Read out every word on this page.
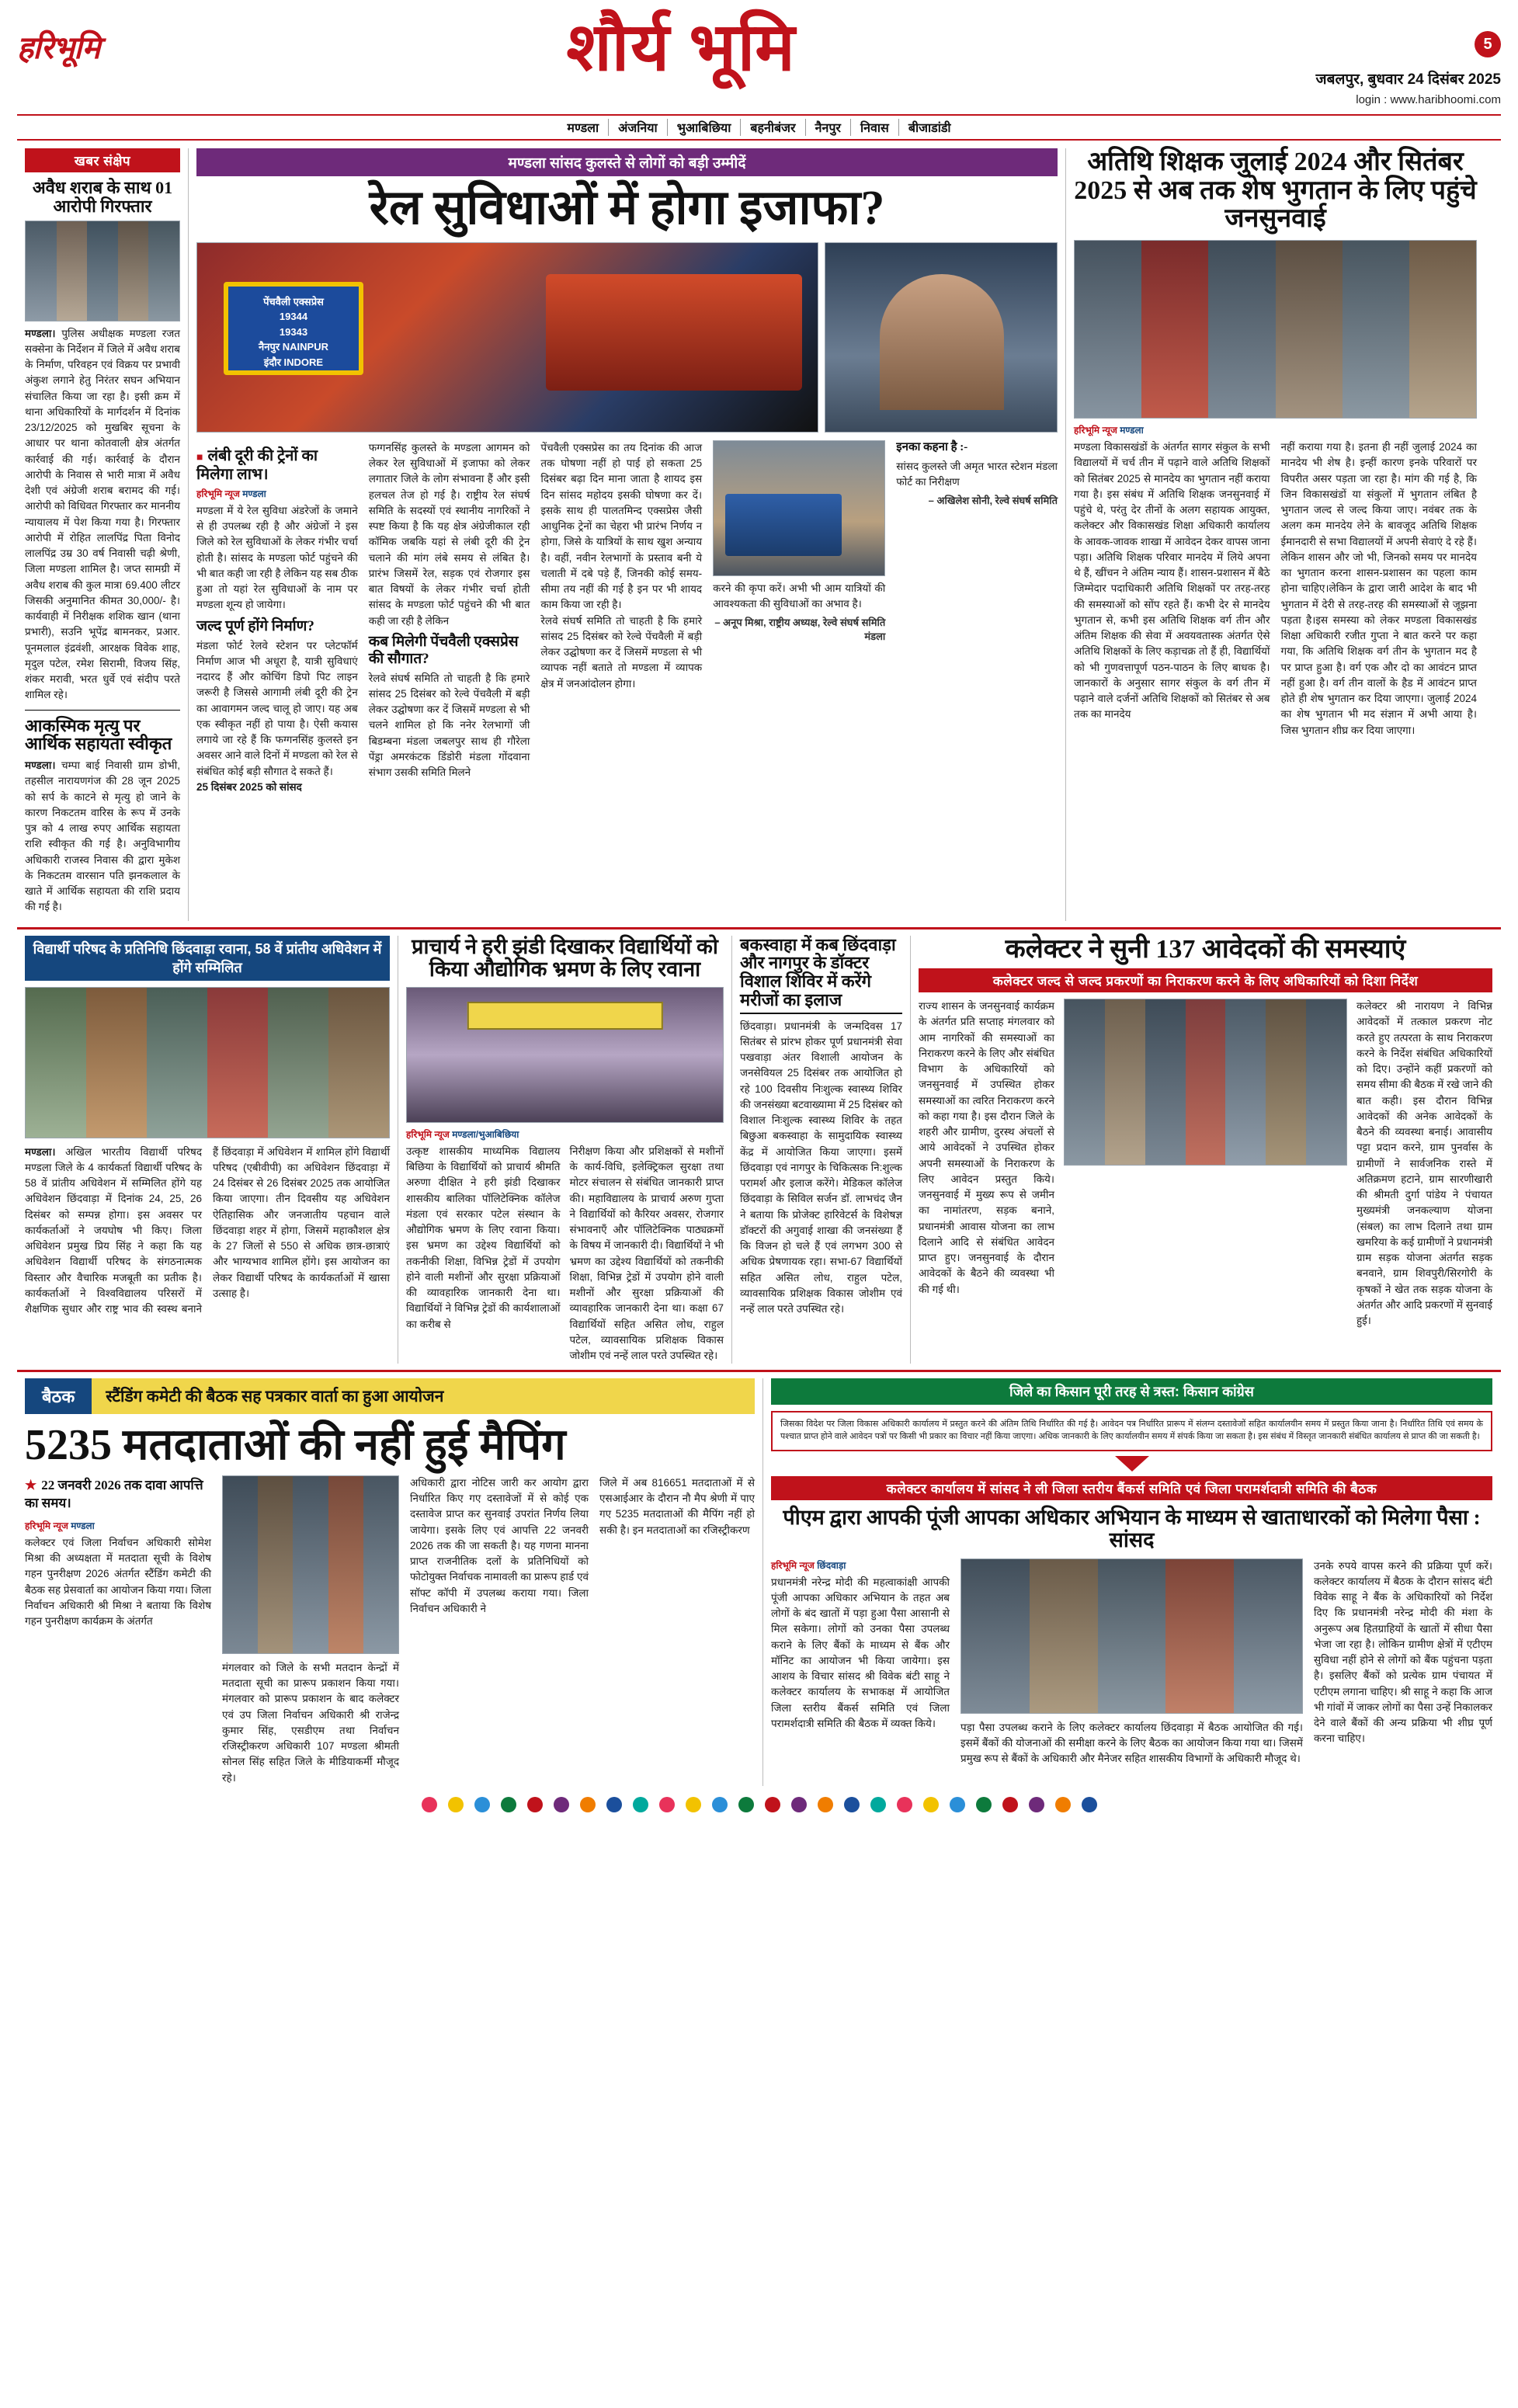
हरिभूमि	शौर्य भूमि	5
जबलपुर, बुधवार 24 दिसंबर 2025
login : www.haribhoomi.com
मण्डला	अंजनिया	भुआबिछिया	बहनीबंजर	नैनपुर	निवास	बीजाडांडी
खबर संक्षेप
अवैध शराब के साथ 01 आरोपी गिरफ्तार

मण्डला। पुलिस अधीक्षक मण्डला रजत सक्सेना के निर्देशन में जिले में अवैध शराब के निर्माण, परिवहन एवं विक्रय पर प्रभावी अंकुश लगाने हेतु निरंतर सघन अभियान संचालित किया जा रहा है। इसी क्रम में थाना अधिकारियों के मार्गदर्शन में दिनांक 23/12/2025 को मुखबिर सूचना के आधार पर थाना कोतवाली क्षेत्र अंतर्गत कार्रवाई की गई। कार्रवाई के दौरान आरोपी के निवास से भारी मात्रा में अवैध देशी एवं अंग्रेजी शराब बरामद की गई। आरोपी को विधिवत गिरफ्तार कर माननीय न्यायालय में पेश किया गया है। गिरफ्तार आरोपी में रोहित लालपिंद्र पिता विनोद लालपिंद्र उम्र 30 वर्ष निवासी चढ़ी श्रेणी, जिला मण्डला शामिल है। जप्त सामग्री में अवैध शराब की कुल मात्रा 69.400 लीटर जिसकी अनुमानित कीमत 30,000/- है। कार्यवाही में निरीक्षक शशिक खान (थाना प्रभारी), सउनि भूपेंद्र बामनकर, प्रआर. पूनमलाल इंद्रवंशी, आरक्षक विवेक शाह, मृदुल पटेल, रमेश सिरामी, विजय सिंह, शंकर मरावी, भरत धुर्वे एवं संदीप परते शामिल रहे।

आकस्मिक मृत्यु पर आर्थिक सहायता स्वीकृत

मण्डला। चम्पा बाई निवासी ग्राम डोभी, तहसील नारायणगंज की 28 जून 2025 को सर्प के काटने से मृत्यु हो जाने के कारण निकटतम वारिस के रूप में उनके पुत्र को 4 लाख रुपए आर्थिक सहायता राशि स्वीकृत की गई है। अनुविभागीय अधिकारी राजस्व निवास की द्वारा मुकेश के निकटतम वारसान पति झनकलाल के खाते में आर्थिक सहायता की राशि प्रदाय की गई है।

मण्डला सांसद कुलस्ते से लोगों को बड़ी उम्मीदें
रेल सुविधाओं में होगा इजाफा?
पेंचवैली एक्सप्रेस
19344
19343
नैनपुर NAINPUR
इंदौर INDORE
■ लंबी दूरी की ट्रेनों का मिलेगा लाभ।
हरिभूमि न्यूज मण्डला
मण्डला में ये रेल सुविधा अंडरेजों के जमाने से ही उपलब्ध रही है और अंग्रेजों ने इस जिले को रेल सुविधाओं के लेकर गंभीर चर्चा होती है। सांसद के मण्डला फोर्ट पहुंचने की भी बात कही जा रही है लेकिन यह सब ठीक हुआ तो यहां रेल सुविधाओं के नाम पर मण्डला शून्य हो जायेगा।
जल्द पूर्ण होंगे निर्माण?
मंडला फोर्ट रेलवे स्टेशन पर प्लेटफॉर्म निर्माण आज भी अधूरा है, यात्री सुविधाएं नदारद हैं और कोचिंग डिपो पिट लाइन जरूरी है जिससे आगामी लंबी दूरी की ट्रेन का आवागमन जल्द चालू हो जाए। यह अब एक स्वीकृत नहीं हो पाया है। ऐसी कयास लगाये जा रहे हैं कि फग्गनसिंह कुलस्ते इन अवसर आने वाले दिनों में मण्डला को रेल से संबंधित कोई बड़ी सौगात दे सकते हैं।
25 दिसंबर 2025 को सांसद
फग्गनसिंह कुलस्ते के मण्डला आगमन को लेकर रेल सुविधाओं में इजाफा को लेकर लगातार जिले के लोग संभावना हैं और इसी हलचल तेज हो गई है। राष्ट्रीय रेल संघर्ष समिति के सदस्यों एवं स्थानीय नागरिकों ने स्पष्ट किया है कि यह क्षेत्र अंग्रेजीकाल रही कॉमिक जबकि यहां से लंबी दूरी की ट्रेन चलाने की मांग लंबे समय से लंबित है। प्रारंभ जिसमें रेल, सड़क एवं रोजगार इस बात विषयों के लेकर गंभीर चर्चा होती सांसद के मण्डला फोर्ट पहुंचने की भी बात कही जा रही है लेकिन
कब मिलेगी पेंचवैली एक्सप्रेस की सौगात?
रेलवे संघर्ष समिति तो चाहती है कि हमारे सांसद 25 दिसंबर को रेल्वे पेंचवैली में बड़ी लेकर उद्घोषणा कर दें जिसमें मण्डला से भी चलने शामिल हो कि ननेर रेलभागों जी बिडम्बना मंडला जबलपुर साथ ही गौरेला पेंड्रा अमरकंटक डिंडोरी मंडला गोंदवाना संभाग उसकी समिति मिलने
पेंचवैली एक्सप्रेस का तय दिनांक की आज तक घोषणा नहीं हो पाई हो सकता 25 दिसंबर बढ़ा दिन माना जाता है शायद इस दिन सांसद महोदय इसकी घोषणा कर दें। इसके साथ ही पालतमिन्द एक्सप्रेस जैसी आधुनिक ट्रेनों का चेहरा भी प्रारंभ निर्णय न होगा, जिसे के यात्रियों के साथ खुश अन्याय है। वहीं, नवीन रेलभागों के प्रस्ताव बनी ये चलाती में दबे पड़े हैं, जिनकी कोई समय-सीमा तय नहीं की गई है इन पर भी शायद काम किया जा रही है।
रेलवे संघर्ष समिति तो चाहती है कि हमारे सांसद 25 दिसंबर को रेल्वे पेंचवैली में बड़ी लेकर उद्घोषणा कर दें जिसमें मण्डला से भी व्यापक नहीं बताते तो मण्डला में व्यापक क्षेत्र में जनआंदोलन होगा।
करने की कृपा करें। अभी भी आम यात्रियों की आवश्यकता की सुविधाओं का अभाव है।
– अनूप मिश्रा, राष्ट्रीय अध्यक्ष, रेल्वे संघर्ष समिति मंडला
इनका कहना है :-
सांसद कुलस्ते जी अमृत भारत स्टेशन मंडला फोर्ट का निरीक्षण
– अखिलेश सोनी, रेल्वे संघर्ष समिति
अतिथि शिक्षक जुलाई 2024 और सितंबर 2025 से अब तक शेष भुगतान के लिए पहुंचे जनसुनवाई
हरिभूमि न्यूज मण्डला
मण्डला विकासखंडों के अंतर्गत सागर संकुल के सभी विद्यालयों में चर्च तीन में पढ़ाने वाले अतिथि शिक्षकों को सितंबर 2025 से मानदेय का भुगतान नहीं कराया गया है। इस संबंध में अतिथि शिक्षक जनसुनवाई में पहुंचे थे, परंतु देर तीनों के अलग सहायक आयुक्त, कलेक्टर और विकासखंड शिक्षा अधिकारी कार्यालय के आवक-जावक शाखा में आवेदन देकर वापस जाना पड़ा। अतिथि शिक्षक परिवार मानदेय में लिये अपना थे हैं, खींचन ने अंतिम न्याय हैं। शासन-प्रशासन में बैठे जिम्मेदार पदाधिकारी अतिथि शिक्षकों पर तरह-तरह की समस्याओं को सोंप रहते हैं। कभी देर से मानदेय भुगतान से, कभी इस अतिथि शिक्षक वर्ग तीन और अंतिम शिक्षक की सेवा में अवयवतास्क अंतर्गत ऐसे अतिथि शिक्षकों के लिए कड़ाचक्र तो हैं ही, विद्यार्थियों को भी गुणवत्तापूर्ण पठन-पाठन के लिए बाधक है। जानकारों के अनुसार सागर संकुल के वर्ग तीन में पढ़ाने वाले दर्जनों अतिथि शिक्षकों को सितंबर से अब तक का मानदेय
नहीं कराया गया है। इतना ही नहीं जुलाई 2024 का मानदेय भी शेष है। इन्हीं कारण इनके परिवारों पर विपरीत असर पड़ता जा रहा है। मांग की गई है, कि जिन विकासखंडों या संकुलों में भुगतान लंबित है भुगतान जल्द से जल्द किया जाए। नवंबर तक के अलग कम मानदेय लेने के बावजूद अतिथि शिक्षक ईमानदारी से सभा विद्यालयों में अपनी सेवाएं दे रहे हैं। लेकिन शासन और जो भी, जिनको समय पर मानदेय का भुगतान करना शासन-प्रशासन का पहला काम होना चाहिए।लेकिन के द्वारा जारी आदेश के बाद भी भुगतान में देरी से तरह-तरह की समस्याओं से जूझना पड़ता है।इस समस्या को लेकर मण्डला विकासखंड शिक्षा अधिकारी रजीत गुप्ता ने बात करने पर कहा गया, कि अतिथि शिक्षक वर्ग तीन के भुगतान मद है पर प्राप्त हुआ है। वर्ग एक और दो का आवंटन प्राप्त नहीं हुआ है। वर्ग तीन वालों के हैड में आवंटन प्राप्त होते ही शेष भुगतान कर दिया जाएगा। जुलाई 2024 का शेष भुगतान भी मद संज्ञान में अभी आया है। जिस भुगतान शीघ्र कर दिया जाएगा।
विद्यार्थी परिषद के प्रतिनिधि छिंदवाड़ा रवाना, 58 वें प्रांतीय अधिवेशन में होंगे सम्मिलित

मण्डला। अखिल भारतीय विद्यार्थी परिषद मण्डला जिले के 4 कार्यकर्ता विद्यार्थी परिषद के 58 वें प्रांतीय अधिवेशन में सम्मिलित होंगे यह अधिवेशन छिंदवाड़ा में दिनांक 24, 25, 26 दिसंबर को सम्पन्न होगा। इस अवसर पर कार्यकर्ताओं ने जयघोष भी किए। जिला अधिवेशन प्रमुख प्रिय सिंह ने कहा कि यह अधिवेशन विद्यार्थी परिषद के संगठनात्मक विस्तार और वैचारिक मजबूती का प्रतीक है। कार्यकर्ताओं ने विश्वविद्यालय परिसरों में शैक्षणिक सुधार और राष्ट्र भाव की स्वस्थ बनाने हैं छिंदवाड़ा में अधिवेशन में शामिल होंगे विद्यार्थी परिषद (एबीवीपी) का अधिवेशन छिंदवाड़ा में 24 दिसंबर से 26 दिसंबर 2025 तक आयोजित किया जाएगा। तीन दिवसीय यह अधिवेशन ऐतिहासिक और जनजातीय पहचान वाले छिंदवाड़ा शहर में होगा, जिसमें महाकौशल क्षेत्र के 27 जिलों से 550 से अधिक छात्र-छात्राएं और भाग्यभाव शामिल होंगे। इस आयोजन का लेकर विद्यार्थी परिषद के कार्यकर्ताओं में खासा उत्साह है।

प्राचार्य ने हरी झंडी दिखाकर विद्यार्थियों को किया औद्योगिक भ्रमण के लिए रवाना
हरिभूमि न्यूज मण्डला/भुआबिछिया
उत्कृष्ट शासकीय माध्यमिक विद्यालय बिछिया के विद्यार्थियों को प्राचार्य श्रीमति अरुणा दीक्षित ने हरी झंडी दिखाकर शासकीय बालिका पॉलिटेक्निक कॉलेज मंडला एवं सरकार पटेल संस्थान के औद्योगिक भ्रमण के लिए रवाना किया। इस भ्रमण का उद्देश्य विद्यार्थियों को तकनीकी शिक्षा, विभिन्न ट्रेडों में उपयोग होने वाली मशीनों और सुरक्षा प्रक्रियाओं की व्यावहारिक जानकारी देना था। विद्यार्थियों ने विभिन्न ट्रेडों की कार्यशालाओं का करीब से
निरीक्षण किया और प्रशिक्षकों से मशीनों के कार्य-विधि, इलेक्ट्रिकल सुरक्षा तथा मोटर संचालन से संबंधित जानकारी प्राप्त की। महाविद्यालय के प्राचार्य अरुण गुप्ता ने विद्यार्थियों को कैरियर अवसर, रोजगार संभावनाएँ और पॉलिटेक्निक पाठ्यक्रमों के विषय में जानकारी दी। विद्यार्थियों ने भी भ्रमण का उद्देश्य विद्यार्थियों को तकनीकी शिक्षा, विभिन्न ट्रेडों में उपयोग होने वाली मशीनों और सुरक्षा प्रक्रियाओं की व्यावहारिक जानकारी देना था। कक्षा 67 विद्यार्थियों सहित असित लोध, राहुल पटेल, व्यावसायिक प्रशिक्षक विकास जोशीम एवं नन्हें लाल परते उपस्थित रहे।
बकस्वाहा में कब छिंदवाड़ा और नागपुर के डॉक्टर विशाल शिविर में करेंगे मरीजों का इलाज
छिंदवाड़ा। प्रधानमंत्री के जन्मदिवस 17 सितंबर से प्रांरभ होकर पूर्ण प्रधानमंत्री सेवा पखवाड़ा अंतर विशाली आयोजन के जनसेवियल 25 दिसंबर तक आयोजित हो रहे 100 दिवसीय निःशुल्क स्वास्थ्य शिविर की जनसंख्या बटवाख्यामा में 25 दिसंबर को विशाल निःशुल्क स्वास्थ्य शिविर के तहत बिछुआ बकस्वाहा के सामुदायिक स्वास्थ्य केंद्र में आयोजित किया जाएगा। इसमें छिंदवाड़ा एवं नागपुर के चिकित्सक नि:शुल्क परामर्श और इलाज करेंगे। मेडिकल कॉलेज छिंदवाड़ा के सिविल सर्जन डॉ. लाभचंद जैन ने बताया कि प्रोजेक्ट हारिवेटर्स के विशेषज्ञ डॉक्टरों की अगुवाई शाखा की जनसंख्या हैं कि विजन हो चले हैं एवं लगभग 300 से अधिक प्रेषणायक रहा। सभा-67 विद्यार्थियों सहित असित लोध, राहुल पटेल, व्यावसायिक प्रशिक्षक विकास जोशीम एवं नन्हें लाल परते उपस्थित रहे।
कलेक्टर ने सुनी 137 आवेदकों की समस्याएं
कलेक्टर जल्द से जल्द प्रकरणों का निराकरण करने के लिए अधिकारियों को दिशा निर्देश
राज्य शासन के जनसुनवाई कार्यक्रम के अंतर्गत प्रति सप्ताह मंगलवार को आम नागरिकों की समस्याओं का निराकरण करने के लिए और संबंधित विभाग के अधिकारियों को जनसुनवाई में उपस्थित होकर समस्याओं का त्वरित निराकरण करने को कहा गया है। इस दौरान जिले के शहरी और ग्रामीण, दुरस्थ अंचलों से आये आवेदकों ने उपस्थित होकर अपनी समस्याओं के निराकरण के लिए आवेदन प्रस्तुत किये। जनसुनवाई में मुख्य रूप से जमीन का नामांतरण, सड़क बनाने, प्रधानमंत्री आवास योजना का लाभ दिलाने आदि से संबंधित आवेदन प्राप्त हुए। जनसुनवाई के दौरान आवेदकों के बैठने की व्यवस्था भी की गई थी।
कलेक्टर श्री नारायण ने विभिन्न आवेदकों में तत्काल प्रकरण नोट करते हुए तत्परता के साथ निराकरण करने के निर्देश संबंधित अधिकारियों को दिए। उन्होंने कहीं प्रकरणों को समय सीमा की बैठक में रखे जाने की बात कही। इस दौरान विभिन्न आवेदकों की अनेक आवेदकों के बैठने की व्यवस्था बनाई। आवासीय पट्टा प्रदान करने, ग्राम पुनर्वास के ग्रामीणों ने सार्वजनिक रास्ते में अतिक्रमण हटाने, ग्राम सारणीखारी की श्रीमती दुर्गा पांडेय ने पंचायत मुख्यमंत्री जनकल्याण योजना (संबल) का लाभ दिलाने तथा ग्राम खमरिया के कई ग्रामीणों ने प्रधानमंत्री ग्राम सड़क योजना अंतर्गत सड़क बनवाने, ग्राम शिवपुरी/सिरगोरी के कृषकों ने खेत तक सड़क योजना के अंतर्गत और आदि प्रकरणों में सुनवाई हुई।
बैठक	स्टैंडिंग कमेटी की बैठक सह पत्रकार वार्ता का हुआ आयोजन
5235 मतदाताओं की नहीं हुई मैपिंग
★ 22 जनवरी 2026 तक दावा आपत्ति का समय।
हरिभूमि न्यूज मण्डला
कलेक्टर एवं जिला निर्वाचन अधिकारी सोमेश मिश्रा की अध्यक्षता में मतदाता सूची के विशेष गहन पुनरीक्षण 2026 अंतर्गत स्टैंडिंग कमेटी की बैठक सह प्रेसवार्ता का आयोजन किया गया। जिला निर्वाचन अधिकारी श्री मिश्रा ने बताया कि विशेष गहन पुनरीक्षण कार्यक्रम के अंतर्गत
मंगलवार को जिले के सभी मतदान केन्द्रों में मतदाता सूची का प्रारूप प्रकाशन किया गया। मंगलवार को प्रारूप प्रकाशन के बाद कलेक्टर एवं उप जिला निर्वाचन अधिकारी श्री राजेन्द्र कुमार सिंह, एसडीएम तथा निर्वाचन रजिस्ट्रीकरण अधिकारी 107 मण्डला श्रीमती सोनल सिंह सहित जिले के मीडियाकर्मी मौजूद रहे।
अधिकारी द्वारा नोटिस जारी कर आयोग द्वारा निर्धारित किए गए दस्तावेजों में से कोई एक दस्तावेज प्राप्त कर सुनवाई उपरांत निर्णय लिया जायेगा। इसके लिए एवं आपत्ति 22 जनवरी 2026 तक की जा सकती है। यह गणना मानना प्राप्त राजनीतिक दलों के प्रतिनिधियों को फोटोयुक्त निर्वाचक नामावली का प्रारूप हार्ड एवं सॉफ्ट कॉपी में उपलब्ध कराया गया। जिला निर्वाचन अधिकारी ने
जिले में अब 816651 मतदाताओं में से एसआईआर के दौरान नौ मैप श्रेणी में पाए गए 5235 मतदाताओं की मैपिंग नहीं हो सकी है। इन मतदाताओं का रजिस्ट्रीकरण
जिले का किसान पूरी तरह से त्रस्त: किसान कांग्रेस
जिसका विदेश पर जिला विकास अधिकारी कार्यालय में प्रस्तुत करने की अंतिम तिथि निर्धारित की गई है। आवेदन पत्र निर्धारित प्रारूप में संलग्न दस्तावेजों सहित कार्यालयीन समय में प्रस्तुत किया जाना है। निर्धारित तिथि एवं समय के पश्चात प्राप्त होने वाले आवेदन पत्रों पर किसी भी प्रकार का विचार नहीं किया जाएगा। अधिक जानकारी के लिए कार्यालयीन समय में संपर्क किया जा सकता है। इस संबंध में विस्तृत जानकारी संबंधित कार्यालय से प्राप्त की जा सकती है।
कलेक्टर कार्यालय में सांसद ने ली जिला स्तरीय बैंकर्स समिति एवं जिला परामर्शदात्री समिति की बैठक
पीएम द्वारा आपकी पूंजी आपका अधिकार अभियान के माध्यम से खाताधारकों को मिलेगा पैसा : सांसद
हरिभूमि न्यूज छिंदवाड़ा
प्रधानमंत्री नरेन्द्र मोदी की महत्वाकांक्षी आपकी पूंजी आपका अधिकार अभियान के तहत अब लोगों के बंद खातों में पड़ा हुआ पैसा आसानी से मिल सकेगा। लोगों को उनका पैसा उपलब्ध कराने के लिए बैंकों के माध्यम से बैंक और मॉनिट का आयोजन भी किया जायेगा। इस आशय के विचार सांसद श्री विवेक बंटी साहू ने कलेक्टर कार्यालय के सभाकक्ष में आयोजित जिला स्तरीय बैंकर्स समिति एवं जिला परामर्शदात्री समिति की बैठक में व्यक्त किये।	पड़ा पैसा उपलब्ध कराने के लिए कलेक्टर कार्यालय छिंदवाड़ा में बैठक आयोजित की गई। इसमें बैंकों की योजनाओं की समीक्षा करने के लिए बैठक का आयोजन किया गया था। जिसमें प्रमुख रूप से बैंकों के अधिकारी और मैनेजर सहित शासकीय विभागों के अधिकारी मौजूद थे।
उनके रुपये वापस करने की प्रक्रिया पूर्ण करें। कलेक्टर कार्यालय में बैठक के दौरान सांसद बंटी विवेक साहू ने बैंक के अधिकारियों को निर्देश दिए कि प्रधानमंत्री नरेन्द्र मोदी की मंशा के अनुरूप अब हितग्राहियों के खातों में सीधा पैसा भेजा जा रहा है। लोकिन ग्रामीण क्षेत्रों में एटीएम सुविधा नहीं होने से लोगों को बैंक पहुंचना पड़ता है। इसलिए बैंकों को प्रत्येक ग्राम पंचायत में एटीएम लगाना चाहिए। श्री साहू ने कहा कि आज भी गांवों में जाकर लोगों का पैसा उन्हें निकालकर देने वाले बैंकों की अन्य प्रक्रिया भी शीघ्र पूर्ण करना चाहिए।
